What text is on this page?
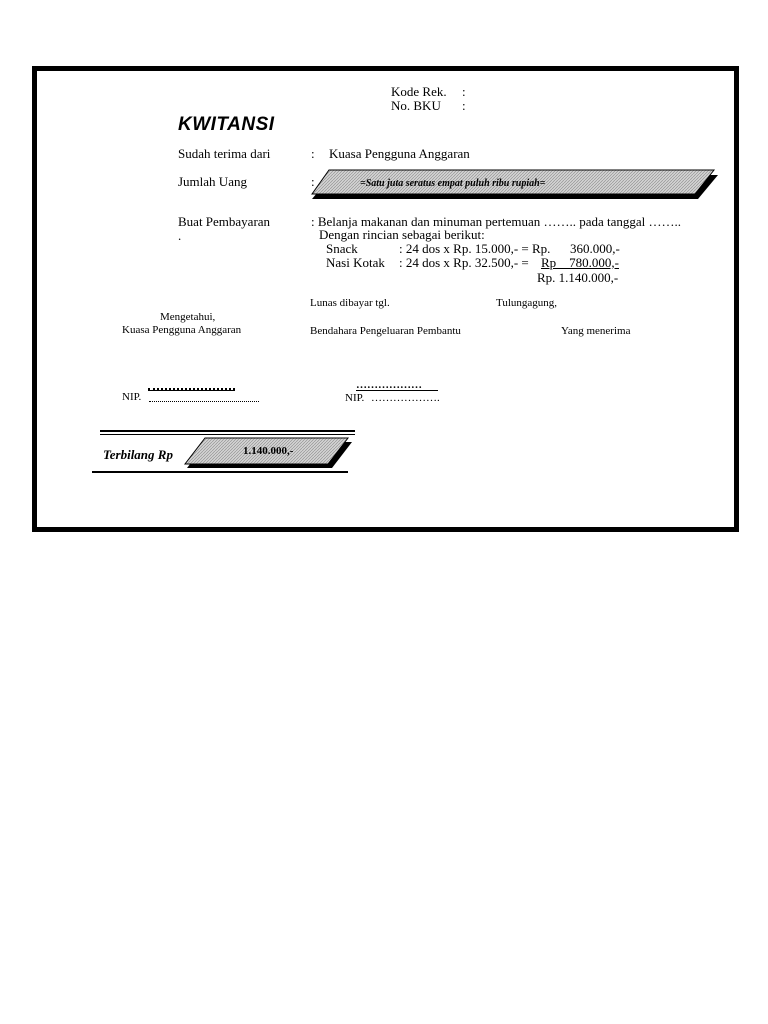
Kode Rek. :
No. BKU :
KWITANSI
Sudah terima dari	: Kuasa Pengguna Anggaran
Jumlah Uang	:	=Satu juta seratus empat puluh ribu rupiah=
Buat Pembayaran
.
: Belanja makanan dan minuman pertemuan …….. pada tanggal ……..
Dengan rincian sebagai berikut:
Snack	: 24 dos x Rp. 15.000,- = Rp. 360.000,-
Nasi Kotak : 24 dos x Rp. 32.500,- = Rp    780.000,-
Rp. 1.140.000,-
Lunas dibayar tgl.	Tulungagung,
Mengetahui,
Kuasa Pengguna Anggaran	Bendahara Pengeluaran Pembantu	Yang menerima
NIP.
………………
NIP. ……………….
Terbilang Rp	1.140.000,-
